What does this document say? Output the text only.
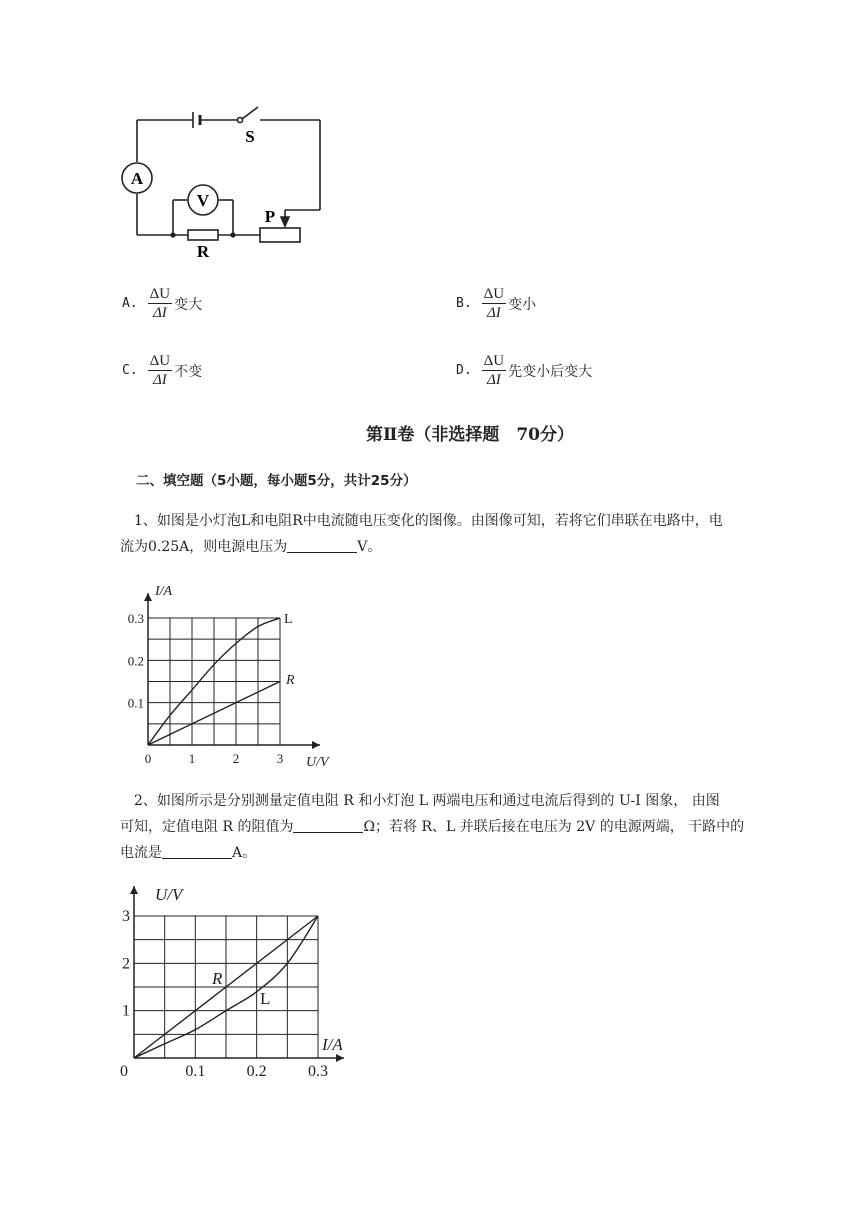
A
V
S
R
P
A. $\frac{\Delta U}{\Delta I}$ 变大	B. $\frac{\Delta U}{\Delta I}$ 变小
C. $\frac{\Delta U}{\Delta I}$ 不变	D. $\frac{\Delta U}{\Delta I}$ 先变小后变大
第Ⅱ卷（非选择题　70分）
二、填空题（5小题，每小题5分，共计25分）
1、如图是小灯泡L和电阻R中电流随电压变化的图像。由图像可知，若将它们串联在电路中，电
流为0.25A，则电源电压为	V。
0	1	2	3
0.1
0.2
0.3
U/V
I/A
L
R
2、如图所示是分别测量定值电阻 R 和小灯泡 L 两端电压和通过电流后得到的 U-I 图象， 由图
可知，定值电阻 R 的阻值为	Ω；若将 R、L 并联后接在电压为 2V 的电源两端， 干路中的
电流是	A。
0.1	0.2	0.3
1
2
3
0
I/A
U/V
R
L
